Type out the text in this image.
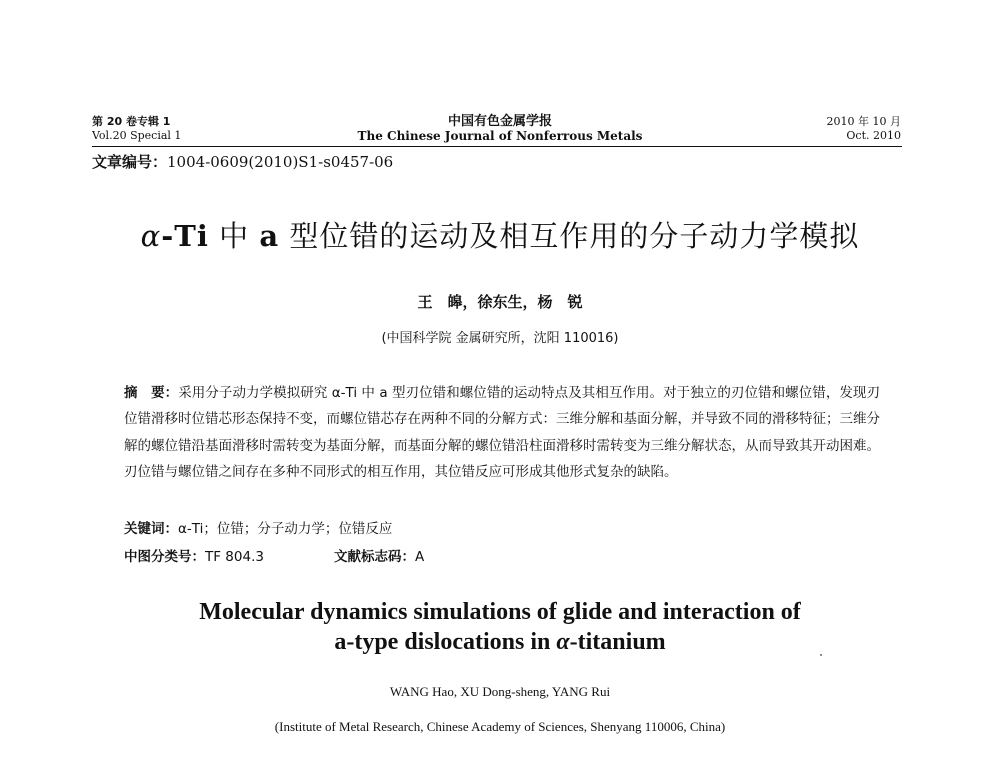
第 20 卷专辑 1
Vol.20 Special 1
中国有色金属学报
The Chinese Journal of Nonferrous Metals
2010 年 10 月
Oct. 2010
文章编号：1004-0609(2010)S1-s0457-06
α-Ti 中 a 型位错的运动及相互作用的分子动力学模拟
王　皞，徐东生，杨　锐
(中国科学院 金属研究所，沈阳 110016)
摘　要：采用分子动力学模拟研究 α-Ti 中 a 型刃位错和螺位错的运动特点及其相互作用。对于独立的刃位错和螺位错，发现刃位错滑移时位错芯形态保持不变，而螺位错芯存在两种不同的分解方式：三维分解和基面分解，并导致不同的滑移特征；三维分解的螺位错沿基面滑移时需转变为基面分解，而基面分解的螺位错沿柱面滑移时需转变为三维分解状态，从而导致其开动困难。刃位错与螺位错之间存在多种不同形式的相互作用，其位错反应可形成其他形式复杂的缺陷。
关键词：α-Ti；位错；分子动力学；位错反应
中图分类号：TF 804.3	文献标志码：A
Molecular dynamics simulations of glide and interaction of
a-type dislocations in α-titanium
WANG Hao, XU Dong-sheng, YANG Rui
(Institute of Metal Research, Chinese Academy of Sciences, Shenyang 110006, China)
